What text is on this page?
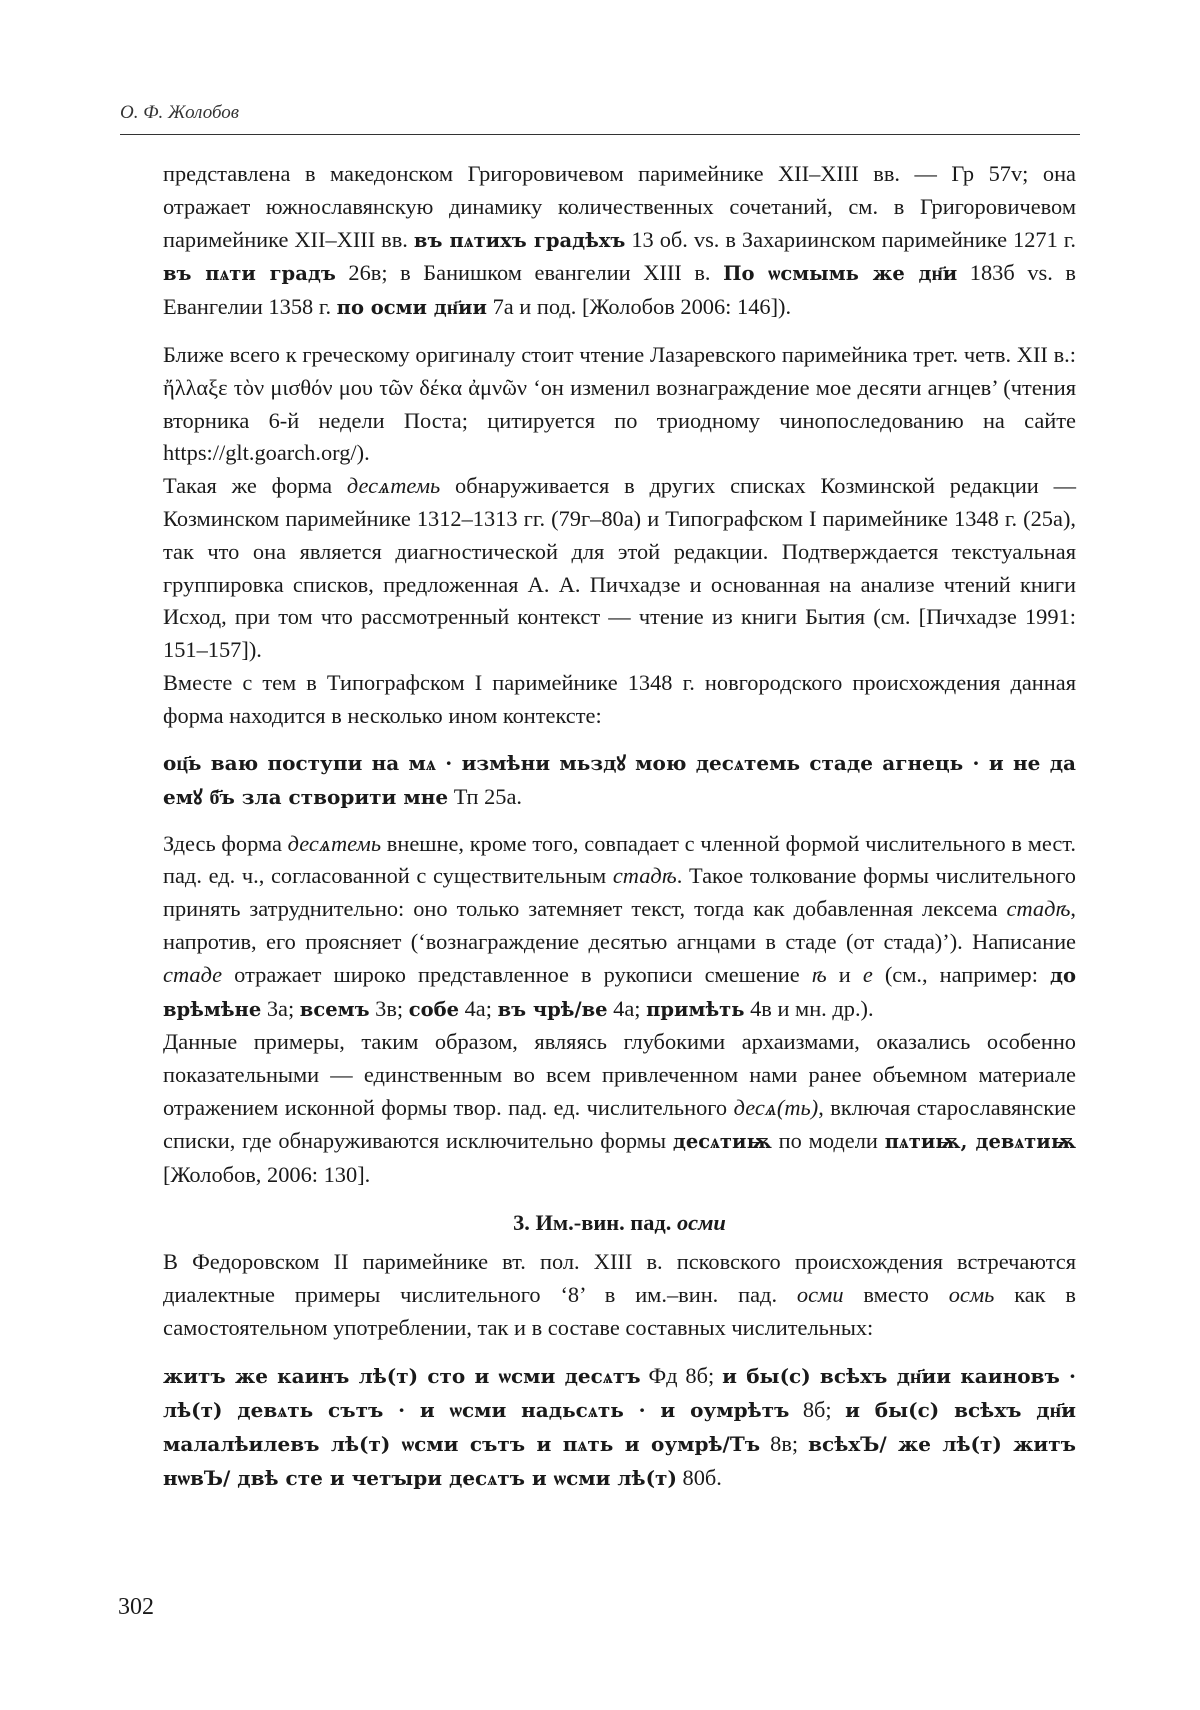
О. Ф. Жолобов

представлена в македонском Григоровичевом паримейнике XII–XIII вв. — Гр 57v; она отражает южнославянскую динамику количественных сочетаний, см. в Григоровичевом паримейнике XII–XIII вв. въ пѧтихъ градѣхъ 13 об. vs. в Захариинском паримейнике 1271 г. въ пѧти градъ 26в; в Банишком евангелии XIII в. По ѡсмымь же дн҃и 183б vs. в Евангелии 1358 г. по осми дн҃ии 7а и под. [Жолобов 2006: 146]).

Ближе всего к греческому оригиналу стоит чтение Лазаревского паримейника трет. четв. XII в.: ἤλλαξε τὸν μισθόν μου τῶν δέκα ἀμνῶν ‘он изменил вознаграждение мое десяти агнцев’ (чтения вторника 6-й недели Поста; цитируется по триодному чинопоследованию на сайте https://glt.goarch.org/).

Такая же форма десѧтемь обнаруживается в других списках Козминской редакции — Козминском паримейнике 1312–1313 гг. (79г–80а) и Типографском I паримейнике 1348 г. (25а), так что она является диагностической для этой редакции. Подтверждается текстуальная группировка списков, предложенная А. А. Пичхадзе и основанная на анализе чтений книги Исход, при том что рассмотренный контекст — чтение из книги Бытия (см. [Пичхадзе 1991: 151–157]).

Вместе с тем в Типографском I паримейнике 1348 г. новгородского происхождения данная форма находится в несколько ином контексте:

оц҃ь ваю поступи на мѧ · измѣни мьздꙋ мою десѧтемь стаде агнець · и не да емꙋ б҃ъ зла створити мне Тп 25а.

Здесь форма десѧтемь внешне, кроме того, совпадает с членной формой числительного в мест. пад. ед. ч., согласованной с существительным стадѣ. Такое толкование формы числительного принять затруднительно: оно только затемняет текст, тогда как добавленная лексема стадѣ, напротив, его проясняет (‘вознаграждение десятью агнцами в стаде (от стада)’). Написание стаде отражает широко представленное в рукописи смешение ѣ и е (см., например: до врѣмѣне 3а; всемъ 3в; собе 4а; въ чрѣ/ве 4а; примѣть 4в и мн. др.).

Данные примеры, таким образом, являясь глубокими архаизмами, оказались особенно показательными — единственным во всем привлеченном нами ранее объемном материале отражением исконной формы твор. пад. ед. числительного десѧ(ть), включая старославянские списки, где обнаруживаются исключительно формы десѧтиѭ по модели пѧтиѭ, девѧтиѭ [Жолобов, 2006: 130].

3. Им.-вин. пад. осми

В Федоровском II паримейнике вт. пол. XIII в. псковского происхождения встречаются диалектные примеры числительного ‘8’ в им.–вин. пад. осми вместо осмь как в самостоятельном употреблении, так и в составе составных числительных:

житъ же каинъ лѣ(т) сто и ѡсми десѧтъ Фд 8б; и бы(с) всѣхъ дн҃ии каиновъ · лѣ(т) девѧть сътъ · и ѡсми надьсѧть · и оумрѣтъ 8б; и бы(с) всѣхъ дн҃и малалѣилевъ лѣ(т) ѡсми сътъ и пѧть и оумрѣ/Тъ 8в; всѣхЪ/ же лѣ(т) житъ нѡвЪ/ двѣ сте и четꙑри десѧтъ и ѡсми лѣ(т) 80б.

302
